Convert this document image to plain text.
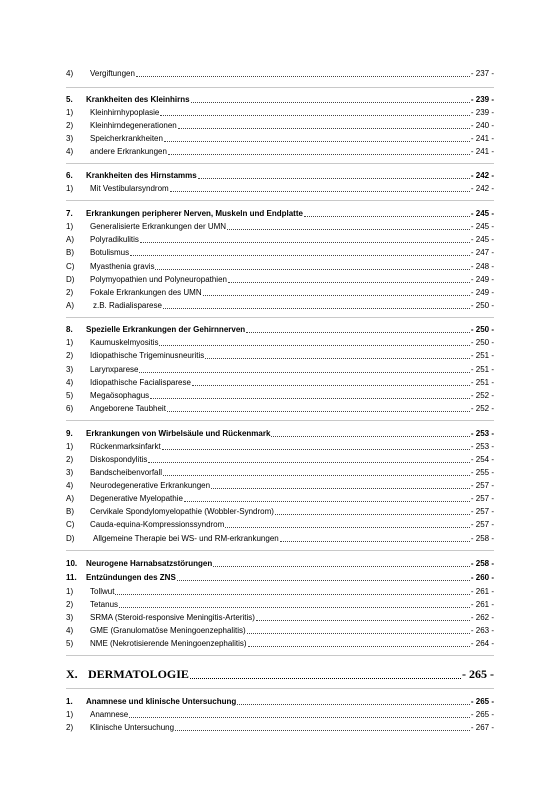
4)	Vergiftungen	- 237 -
5.	Krankheiten des Kleinhirns	- 239 -
1)	Kleinhirnhypoplasie	- 239 -
2)	Kleinhirndegenerationen	- 240 -
3)	Speicherkrankheiten	- 241 -
4)	andere Erkrankungen	- 241 -
6.	Krankheiten des Hirnstamms	- 242 -
1)	Mit Vestibularsyndrom	- 242 -
7.	Erkrankungen peripherer Nerven, Muskeln und Endplatte	- 245 -
1)	Generalisierte Erkrankungen der UMN	- 245 -
A)	Polyradikulitis	- 245 -
B)	Botulismus	- 247 -
C)	Myasthenia gravis	- 248 -
D)	Polymyopathien und Polyneuropathien	- 249 -
2)	Fokale Erkrankungen des UMN	- 249 -
A)	z.B. Radialisparese	- 250 -
8.	Spezielle Erkrankungen der Gehirnnerven	- 250 -
1)	Kaumuskelmyositis	- 250 -
2)	Idiopathische Trigeminusneuritis	- 251 -
3)	Larynxparese	- 251 -
4)	Idiopathische Facialisparese	- 251 -
5)	Megaösophagus	- 252 -
6)	Angeborene Taubheit	- 252 -
9.	Erkrankungen von Wirbelsäule und Rückenmark	- 253 -
1)	Rückenmarksinfarkt	- 253 -
2)	Diskospondylitis	- 254 -
3)	Bandscheibenvorfall	- 255 -
4)	Neurodegenerative Erkrankungen	- 257 -
A)	Degenerative Myelopathie	- 257 -
B)	Cervikale Spondylomyelopathie (Wobbler-Syndrom)	- 257 -
C)	Cauda-equina-Kompressionssyndrom	- 257 -
D)	Allgemeine Therapie bei WS- und RM-erkrankungen	- 258 -
10.	Neurogene Harnabsatzstörungen	- 258 -
11.	Entzündungen des ZNS	- 260 -
1)	Tollwut	- 261 -
2)	Tetanus	- 261 -
3)	SRMA (Steroid-responsive Meningitis-Arteritis)	- 262 -
4)	GME (Granulomatöse Meningoenzephalitis)	- 263 -
5)	NME (Nekrotisierende Meningoenzephalitis)	- 264 -
X. DERMATOLOGIE	- 265 -
1.	Anamnese und klinische Untersuchung	- 265 -
1)	Anamnese	- 265 -
2)	Klinische Untersuchung	- 267 -
